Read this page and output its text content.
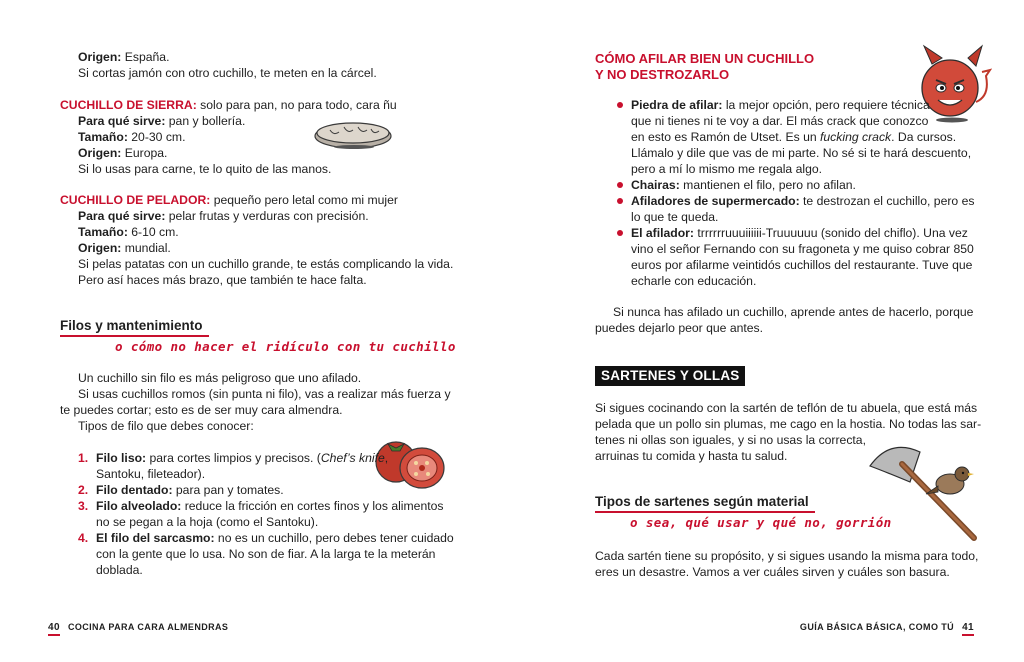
Origen: España.
Si cortas jamón con otro cuchillo, te meten en la cárcel.
CUCHILLO DE SIERRA: solo para pan, no para todo, cara ñu
Para qué sirve: pan y bollería.
Tamaño: 20-30 cm.
Origen: Europa.
Si lo usas para carne, te lo quito de las manos.
CUCHILLO DE PELADOR: pequeño pero letal como mi mujer
Para qué sirve: pelar frutas y verduras con precisión.
Tamaño: 6-10 cm.
Origen: mundial.
Si pelas patatas con un cuchillo grande, te estás complicando la vida.
Pero así haces más brazo, que también te hace falta.
Filos y mantenimiento
o cómo no hacer el ridículo con tu cuchillo
Un cuchillo sin filo es más peligroso que uno afilado.
Si usas cuchillos romos (sin punta ni filo), vas a realizar más fuerza y
te puedes cortar; esto es de ser muy cara almendra.
Tipos de filo que debes conocer:
1. Filo liso: para cortes limpios y precisos. (Chef’s knife,
Santoku, fileteador).
2. Filo dentado: para pan y tomates.
3. Filo alveolado: reduce la fricción en cortes finos y los alimentos
no se pegan a la hoja (como el Santoku).
4. El filo del sarcasmo: no es un cuchillo, pero debes tener cuidado
con la gente que lo usa. No son de fiar. A la larga te la meterán
doblada.
40 COCINA PARA CARA ALMENDRAS
CÓMO AFILAR BIEN UN CUCHILLO
Y NO DESTROZARLO
Piedra de afilar: la mejor opción, pero requiere técnica
que ni tienes ni te voy a dar. El más crack que conozco
en esto es Ramón de Utset. Es un fucking crack. Da cursos.
Llámalo y dile que vas de mi parte. No sé si te hará descuento,
pero a mí lo mismo me regala algo.
Chairas: mantienen el filo, pero no afilan.
Afiladores de supermercado: te destrozan el cuchillo, pero es
lo que te queda.
El afilador: trrrrrruuuiiiiii-Truuuuuu (sonido del chiflo). Una vez
vino el señor Fernando con su fragoneta y me quiso cobrar 850
euros por afilarme veintidós cuchillos del restaurante. Tuve que
echarle con educación.
Si nunca has afilado un cuchillo, aprende antes de hacerlo, porque
puedes dejarlo peor que antes.
SARTENES Y OLLAS
Si sigues cocinando con la sartén de teflón de tu abuela, que está más
pelada que un pollo sin plumas, me cago en la hostia. No todas las sar-
tenes ni ollas son iguales, y si no usas la correcta,
arruinas tu comida y hasta tu salud.
Tipos de sartenes según material
o sea, qué usar y qué no, gorrión
Cada sartén tiene su propósito, y si sigues usando la misma para todo,
eres un desastre. Vamos a ver cuáles sirven y cuáles son basura.
GUÍA BÁSICA BÁSICA, COMO TÚ 41
